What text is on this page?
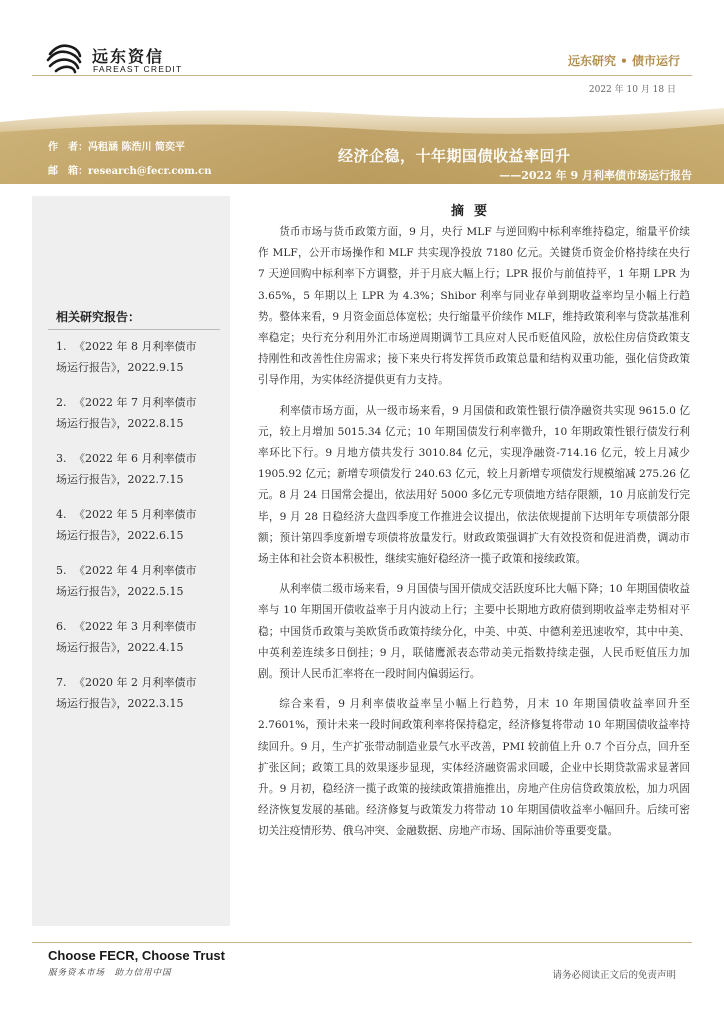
远东资信
FAREAST CREDIT
远东研究 • 债市运行
2022 年 10 月 18 日
作　者：冯租涵 陈浩川 简奕平
邮　箱：research@fecr.com.cn
经济企稳，十年期国债收益率回升
——2022 年 9 月利率债市场运行报告
相关研究报告：
1. 《2022 年 8 月利率债市
场运行报告》，2022.9.15
2. 《2022 年 7 月利率债市
场运行报告》，2022.8.15
3. 《2022 年 6 月利率债市
场运行报告》，2022.7.15
4. 《2022 年 5 月利率债市
场运行报告》，2022.6.15
5. 《2022 年 4 月利率债市
场运行报告》，2022.5.15
6. 《2022 年 3 月利率债市
场运行报告》，2022.4.15
7. 《2020 年 2 月利率债市
场运行报告》，2022.3.15
摘要

货币市场与货币政策方面，9 月，央行 MLF 与逆回购中标利率维持稳定，缩量平价续作 MLF，公开市场操作和 MLF 共实现净投放 7180 亿元。关键货币资金价格持续在央行 7 天逆回购中标利率下方调整，并于月底大幅上行；LPR 报价与前值持平，1 年期 LPR 为 3.65%，5 年期以上 LPR 为 4.3%；Shibor 利率与同业存单到期收益率均呈小幅上行趋势。整体来看，9 月资金面总体宽松；央行缩量平价续作 MLF，维持政策利率与贷款基准利率稳定；央行充分利用外汇市场逆周期调节工具应对人民币贬值风险，放松住房信贷政策支持刚性和改善性住房需求；接下来央行将发挥货币政策总量和结构双重功能，强化信贷政策引导作用，为实体经济提供更有力支持。

利率债市场方面，从一级市场来看，9 月国债和政策性银行债净融资共实现 9615.0 亿元，较上月增加 5015.34 亿元；10 年期国债发行利率微升，10 年期政策性银行债发行利率环比下行。9 月地方债共发行 3010.84 亿元，实现净融资-714.16 亿元，较上月减少 1905.92 亿元；新增专项债发行 240.63 亿元，较上月新增专项债发行规模缩减 275.26 亿元。8 月 24 日国常会提出，依法用好 5000 多亿元专项债地方结存限额，10 月底前发行完毕，9 月 28 日稳经济大盘四季度工作推进会议提出，依法依规提前下达明年专项债部分限额；预计第四季度新增专项债将放量发行。财政政策强调扩大有效投资和促进消费，调动市场主体和社会资本积极性，继续实施好稳经济一揽子政策和接续政策。

从利率债二级市场来看，9 月国债与国开债成交活跃度环比大幅下降；10 年期国债收益率与 10 年期国开债收益率于月内波动上行；主要中长期地方政府债到期收益率走势相对平稳；中国货币政策与美欧货币政策持续分化，中美、中英、中德利差迅速收窄，其中中美、中英利差连续多日倒挂；9 月，联储鹰派表态带动美元指数持续走强，人民币贬值压力加剧。预计人民币汇率将在一段时间内偏弱运行。

综合来看，9 月利率债收益率呈小幅上行趋势，月末 10 年期国债收益率回升至 2.7601%，预计未来一段时间政策利率将保持稳定，经济修复将带动 10 年期国债收益率持续回升。9 月，生产扩张带动制造业景气水平改善，PMI 较前值上升 0.7 个百分点，回升至扩张区间；政策工具的效果逐步显现，实体经济融资需求回暖，企业中长期贷款需求显著回升。9 月初，稳经济一揽子政策的接续政策措施推出，房地产住房信贷政策放松，加力巩固经济恢复发展的基础。经济修复与政策发力将带动 10 年期国债收益率小幅回升。后续可密切关注疫情形势、俄乌冲突、金融数据、房地产市场、国际油价等重要变量。

Choose FECR, Choose Trust
服务资本市场　助力信用中国	请务必阅读正文后的免责声明
